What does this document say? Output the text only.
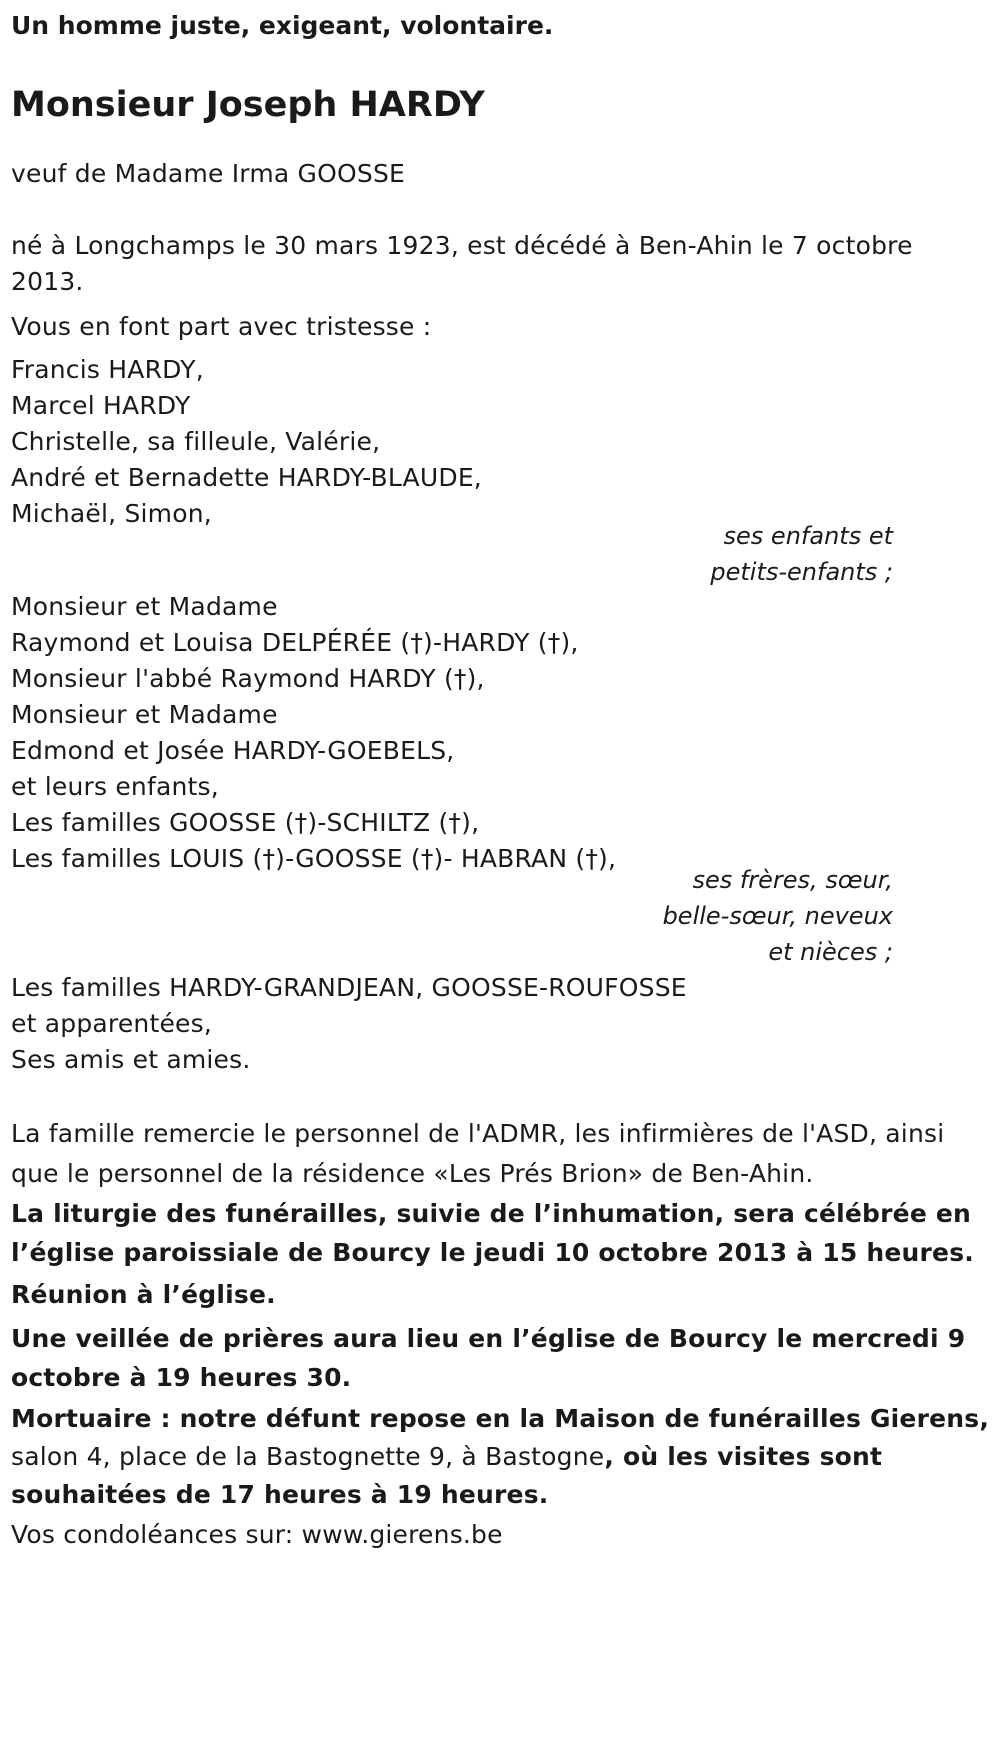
Un homme juste, exigeant, volontaire.

Monsieur Joseph HARDY

veuf de Madame Irma GOOSSE

né à Longchamps le 30 mars 1923, est décédé à Ben-Ahin le 7 octobre
2013.

Vous en font part avec tristesse :

Francis HARDY,
Marcel HARDY
Christelle, sa filleule, Valérie,
André et Bernadette HARDY-BLAUDE,
Michaël, Simon,
ses enfants et
petits-enfants ;
Monsieur et Madame
Raymond et Louisa DELPÉRÉE (†)-HARDY (†),
Monsieur l'abbé Raymond HARDY (†),
Monsieur et Madame
Edmond et Josée HARDY-GOEBELS,
et leurs enfants,
Les familles GOOSSE (†)-SCHILTZ (†),
Les familles LOUIS (†)-GOOSSE (†)- HABRAN (†),
ses frères, sœur,
belle-sœur, neveux
et nièces ;
Les familles HARDY-GRANDJEAN, GOOSSE-ROUFOSSE
et apparentées,
Ses amis et amies.
La famille remercie le personnel de l'ADMR, les infirmières de l'ASD, ainsi
que le personnel de la résidence «Les Prés Brion» de Ben-Ahin.
La liturgie des funérailles, suivie de l’inhumation, sera célébrée en
l’église paroissiale de Bourcy le jeudi 10 octobre 2013 à 15 heures.

Réunion à l’église.

Une veillée de prières aura lieu en l’église de Bourcy le mercredi 9
octobre à 19 heures 30.
Mortuaire : notre défunt repose en la Maison de funérailles Gierens,
salon 4, place de la Bastognette 9, à Bastogne, où les visites sont
souhaitées de 17 heures à 19 heures.

Vos condoléances sur: www.gierens.be
